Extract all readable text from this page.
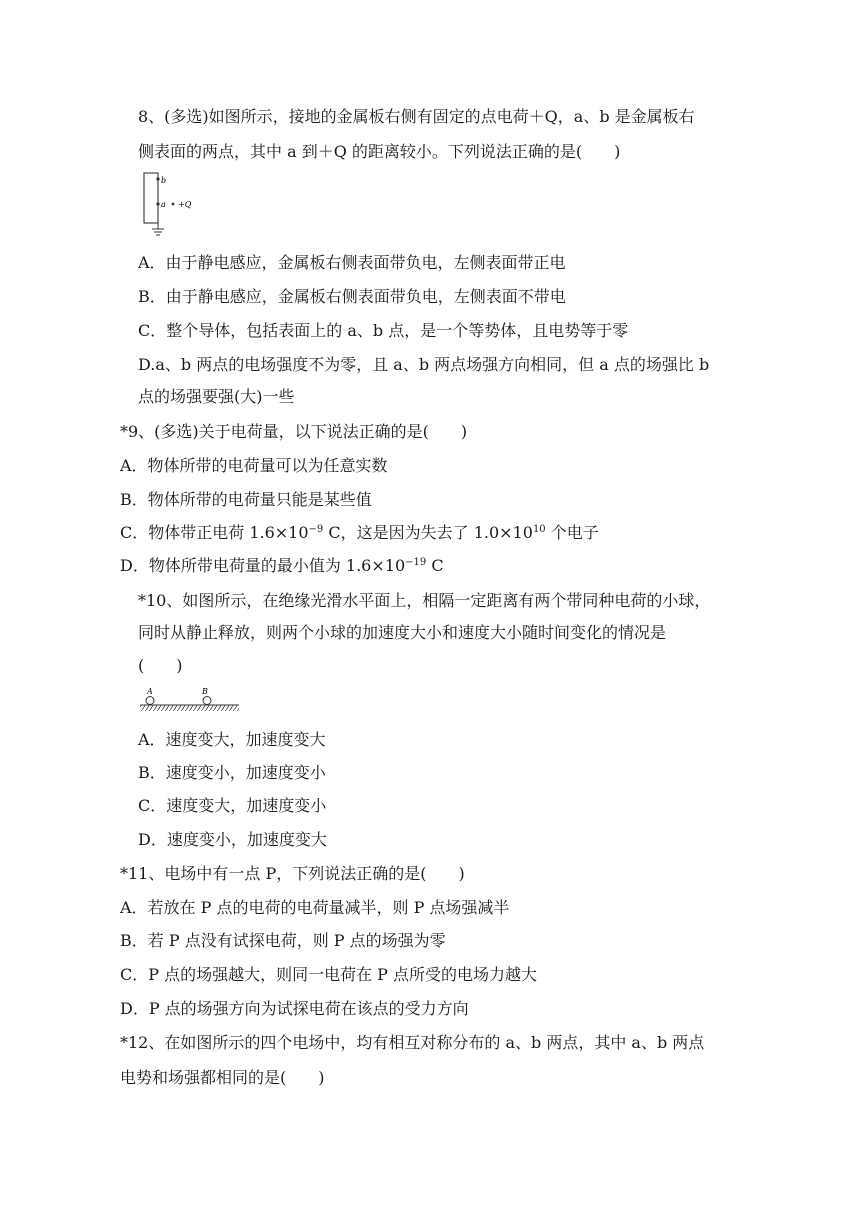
8、(多选)如图所示，接地的金属板右侧有固定的点电荷＋Q，a、b 是金属板右
侧表面的两点，其中 a 到＋Q 的距离较小。下列说法正确的是(　　)
b
a +Q
A．由于静电感应，金属板右侧表面带负电，左侧表面带正电
B．由于静电感应，金属板右侧表面带负电，左侧表面不带电
C．整个导体，包括表面上的 a、b 点，是一个等势体，且电势等于零
D.a、b 两点的电场强度不为零，且 a、b 两点场强方向相同，但 a 点的场强比 b
点的场强要强(大)一些
*9、(多选)关于电荷量，以下说法正确的是(　　)
A．物体所带的电荷量可以为任意实数
B．物体所带的电荷量只能是某些值
C．物体带正电荷 $1.6\times 10^{-9}$ C，这是因为失去了 $1.0\times 10^{10}$ 个电子
D．物体所带电荷量的最小值为 $1.6\times 10^{-19}$ C
*10、如图所示，在绝缘光滑水平面上，相隔一定距离有两个带同种电荷的小球，
同时从静止释放，则两个小球的加速度大小和速度大小随时间变化的情况是
(　　)
A	B
A．速度变大，加速度变大
B．速度变小，加速度变小
C．速度变大，加速度变小
D．速度变小，加速度变大
*11、电场中有一点 P，下列说法正确的是(　　)
A．若放在 P 点的电荷的电荷量减半，则 P 点场强减半
B．若 P 点没有试探电荷，则 P 点的场强为零
C．P 点的场强越大，则同一电荷在 P 点所受的电场力越大
D．P 点的场强方向为试探电荷在该点的受力方向
*12、在如图所示的四个电场中，均有相互对称分布的 a、b 两点，其中 a、b 两点
电势和场强都相同的是(　　)
